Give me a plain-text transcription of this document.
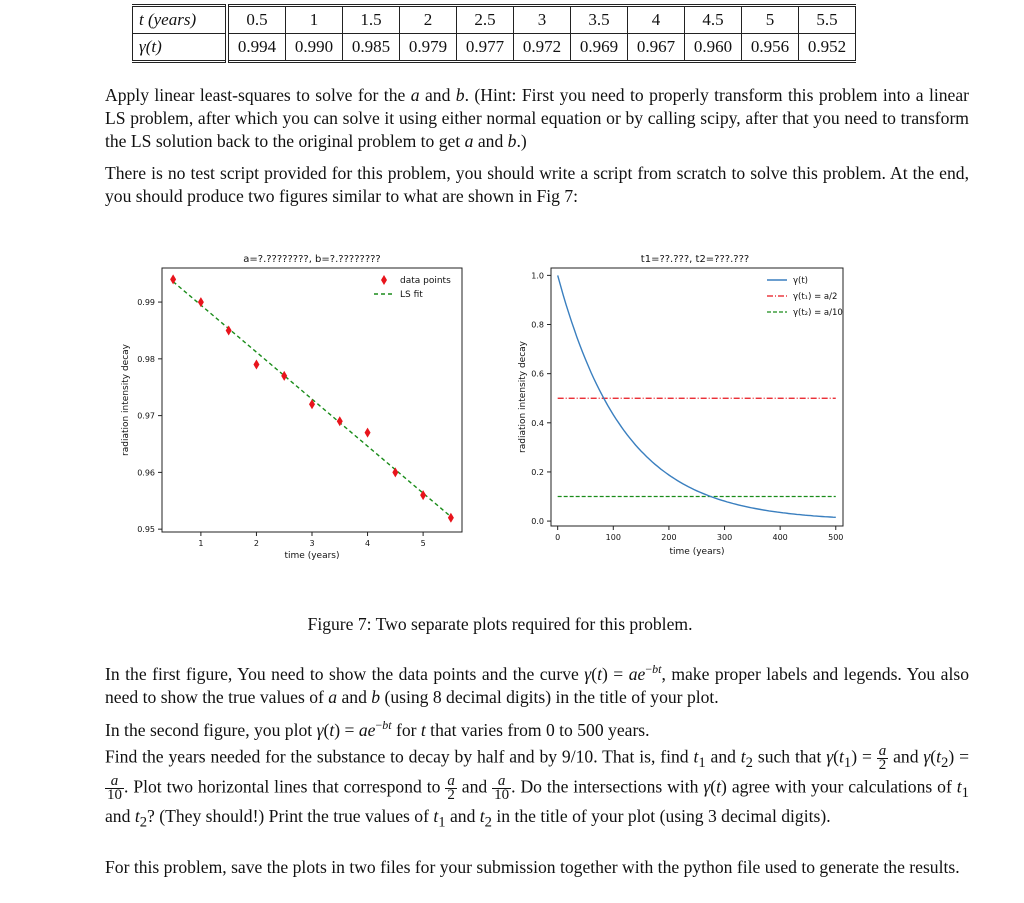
t (years)	0.5	1	1.5	2	2.5	3	3.5	4	4.5	5	5.5
γ(t)	0.994	0.990	0.985	0.979	0.977	0.972	0.969	0.967	0.960	0.956	0.952
Apply linear least-squares to solve for the a and b. (Hint: First you need to properly transform this problem into a linear LS problem, after which you can solve it using either normal equation or by calling scipy, after that you need to transform the LS solution back to the original problem to get a and b.)
There is no test script provided for this problem, you should write a script from scratch to solve this problem. At the end, you should produce two figures similar to what are shown in Fig 7:
a=?.????????, b=?.????????
0.95
0.96
0.97
0.98
0.99
1	2	3	4	5
time (years)
radiation intensity decay
data points
LS fit
t1=??.???, t2=???.???
0.0
0.2
0.4
0.6
0.8
1.0
0	100	200	300	400	500
time (years)
radiation intensity decay
γ(t)
γ(t₁) = a/2
γ(t₂) = a/10
Figure 7: Two separate plots required for this problem.
In the first figure, You need to show the data points and the curve $\gamma(t) = ae^{-bt}$, make proper labels and legends. You also need to show the true values of a and b (using 8 decimal digits) in the title of your plot.
In the second figure, you plot $\gamma(t) = ae^{-bt}$ for t that varies from 0 to 500 years.
Find the years needed for the substance to decay by half and by 9/10. That is, find $t_1$ and $t_2$ such that $\gamma(t_1) = \frac{a}{2}$ and $\gamma(t_2)$ =
$\frac{a}{10}$ . Plot two horizontal lines that correspond to $\frac{a}{2}$ and $\frac{a}{10}$ . Do the intersections with γ(t) agree with your calculations of $t_1$ and $t_2$? (They should!) Print the true values of $t_1$ and $t_2$ in the title of your plot (using 3 decimal digits).
For this problem, save the plots in two files for your submission together with the python file used to generate the results.
